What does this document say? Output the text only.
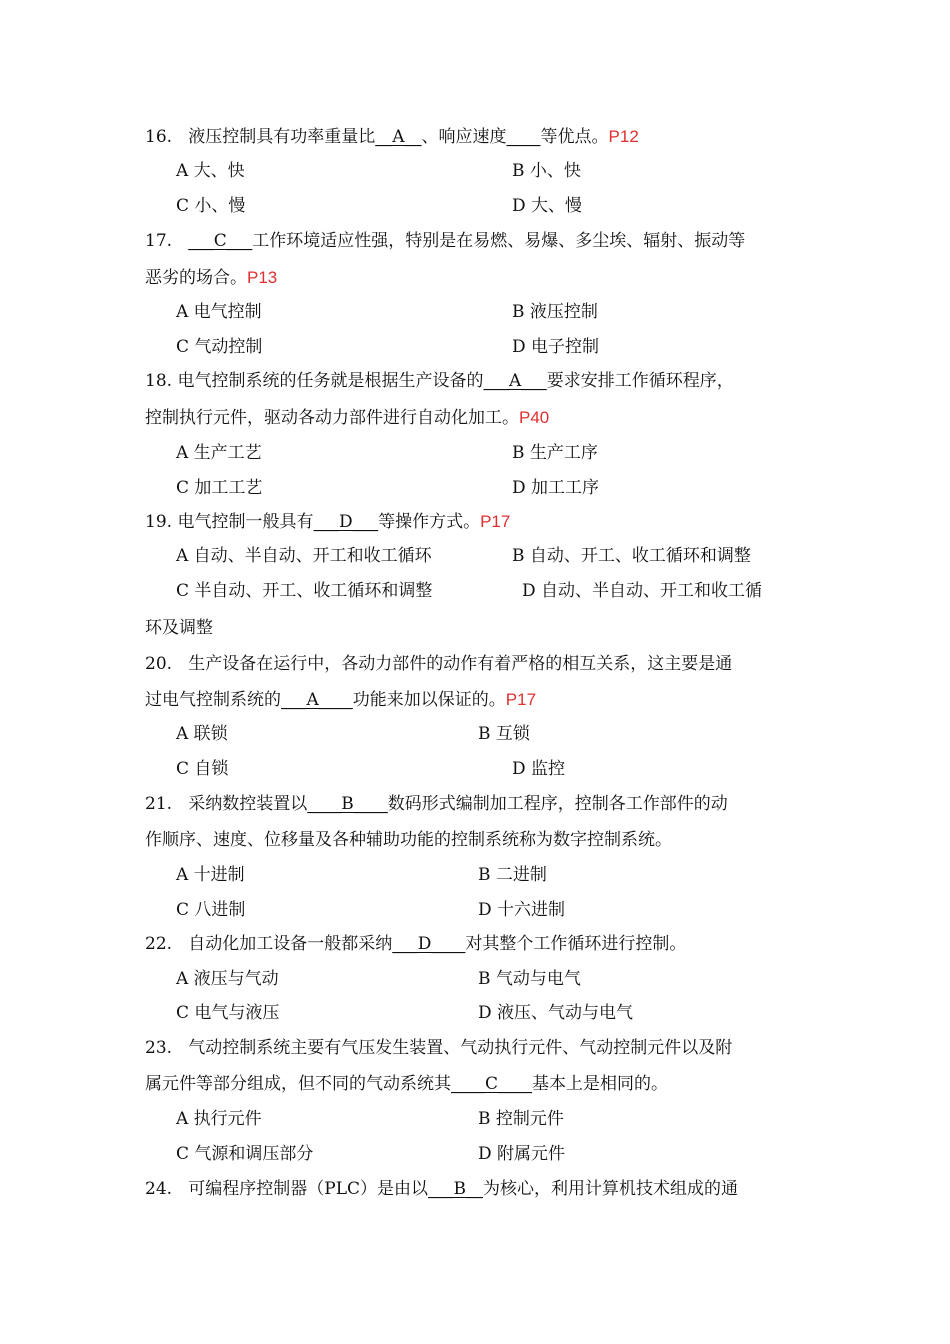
16. 液压控制具有功率重量比__A__、响应速度____等优点。P12
A 大、快	B 小、快
C 小、慢	D 大、慢
17. ___C___工作环境适应性强，特别是在易燃、易爆、多尘埃、辐射、振动等
恶劣的场合。P13
A 电气控制	B 液压控制
C 气动控制	D 电子控制
18. 电气控制系统的任务就是根据生产设备的___A___要求安排工作循环程序，
控制执行元件，驱动各动力部件进行自动化加工。P40
A 生产工艺	B 生产工序
C 加工工艺	D 加工工序
19. 电气控制一般具有___D___等操作方式。P17
A 自动、半自动、开工和收工循环	B 自动、开工、收工循环和调整
C 半自动、开工、收工循环和调整	D 自动、半自动、开工和收工循
环及调整
20. 生产设备在运行中，各动力部件的动作有着严格的相互关系，这主要是通
过电气控制系统的___A____功能来加以保证的。P17
A 联锁	B 互锁
C 自锁	D 监控
21. 采纳数控装置以____B____数码形式编制加工程序，控制各工作部件的动
作顺序、速度、位移量及各种辅助功能的控制系统称为数字控制系统。
A 十进制	B 二进制
C 八进制	D 十六进制
22. 自动化加工设备一般都采纳___D____对其整个工作循环进行控制。
A 液压与气动	B 气动与电气
C 电气与液压	D 液压、气动与电气
23. 气动控制系统主要有气压发生装置、气动执行元件、气动控制元件以及附
属元件等部分组成，但不同的气动系统其____C____基本上是相同的。
A 执行元件	B 控制元件
C 气源和调压部分	D 附属元件
24. 可编程序控制器（PLC）是由以___B__为核心，利用计算机技术组成的通
